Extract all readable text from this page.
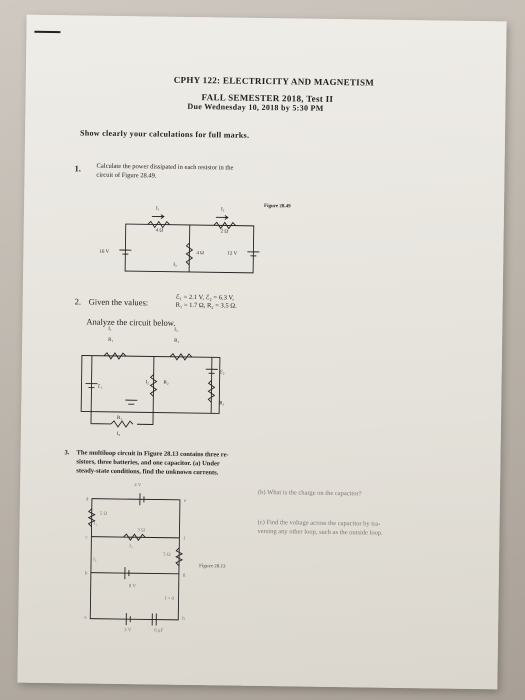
CPHY 122: ELECTRICITY AND MAGNETISM
FALL SEMESTER 2018, Test II
Due Wednesday 10, 2018 by 5:30 PM
Show clearly your calculations for full marks.
1. Calculate the power dissipated in each resistor in the
circuit of Figure 28.49.
Figure 28.49
I₁	I₂
4 Ω	2 Ω
4 Ω
I₃
16 V	12 V
2. Given the values:	ℰ₁ = 2.1 V, ℰ₂ = 6.3 V,
R₁ = 1.7 Ω, R₂ = 3.5 Ω.
Analyze the circuit below.
R₁	R₁
R₂
R₁
R₁
ℰ₁
ℰ₂
I₁	I₃
I₂
I₂
3. The multiloop circuit in Figure 28.13 contains three re-
sistors, three batteries, and one capacitor. (a) Under
steady-state conditions, find the unknown currents.
(b) What is the charge on the capacitor?
(c) Find the voltage across the capacitor by tra-
versing any other loop, such as the outside loop.
Figure 28.13
4 V
5 Ω
3 Ω
5 Ω
8 V
I = 0
3 V	6 μF
I₁
I₂
I₃
d
c
b
a
e
f
g
h
